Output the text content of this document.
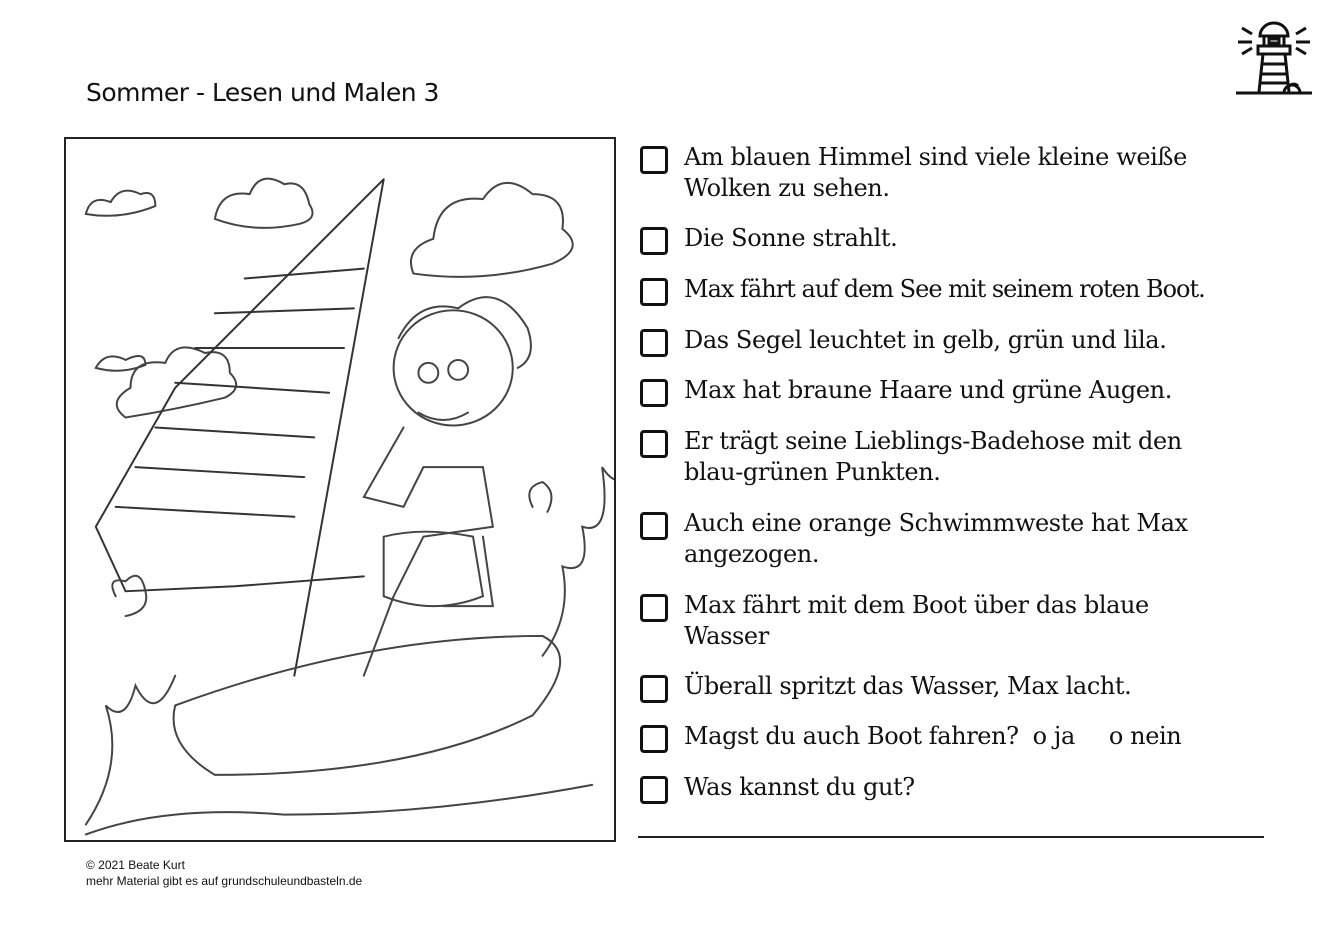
Sommer - Lesen und Malen 3
Am blauen Himmel sind viele kleine weiße Wolken zu sehen.
Die Sonne strahlt.
Max fährt auf dem See mit seinem roten Boot.
Das Segel leuchtet in gelb, grün und lila.
Max hat braune Haare und grüne Augen.
Er trägt seine Lieblings-Badehose mit den blau-grünen Punkten.
Auch eine orange Schwimmweste hat Max angezogen.
Max fährt mit dem Boot über das blaue Wasser
Überall spritzt das Wasser, Max lacht.
Magst du auch Boot fahren? o ja o nein
Was kannst du gut?
© 2021 Beate Kurt
mehr Material gibt es auf grundschuleundbasteln.de
